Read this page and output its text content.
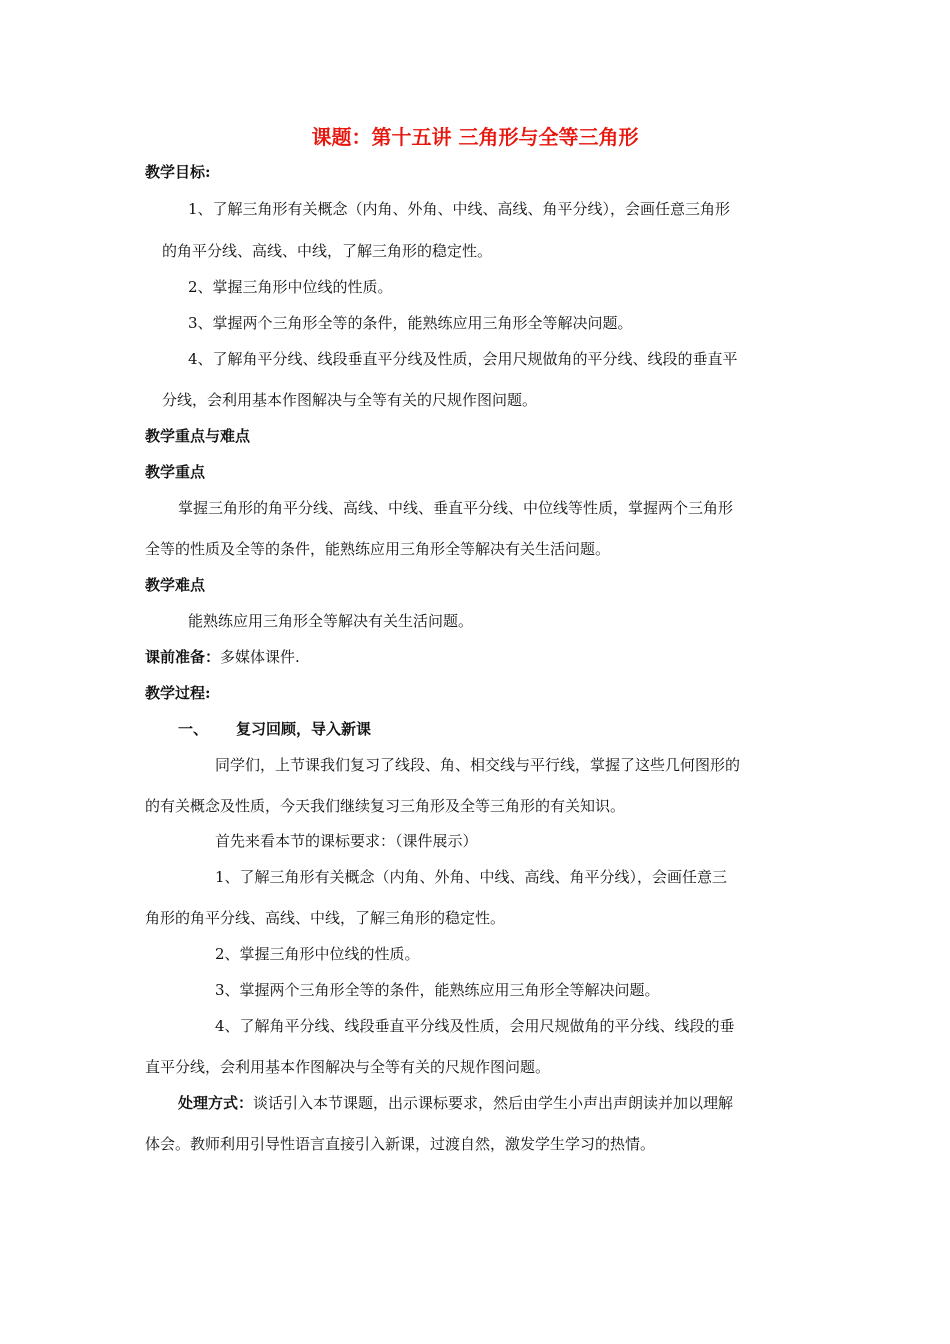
课题：第十五讲 三角形与全等三角形
教学目标:
1、了解三角形有关概念（内角、外角、中线、高线、角平分线），会画任意三角形
的角平分线、高线、中线，了解三角形的稳定性。
2、掌握三角形中位线的性质。
3、掌握两个三角形全等的条件，能熟练应用三角形全等解决问题。
4、了解角平分线、线段垂直平分线及性质，会用尺规做角的平分线、线段的垂直平
分线，会利用基本作图解决与全等有关的尺规作图问题。
教学重点与难点
教学重点
掌握三角形的角平分线、高线、中线、垂直平分线、中位线等性质，掌握两个三角形
全等的性质及全等的条件，能熟练应用三角形全等解决有关生活问题。
教学难点
能熟练应用三角形全等解决有关生活问题。
课前准备：多媒体课件.
教学过程:
一、 复习回顾，导入新课
同学们，上节课我们复习了线段、角、相交线与平行线，掌握了这些几何图形的
的有关概念及性质，今天我们继续复习三角形及全等三角形的有关知识。
首先来看本节的课标要求：（课件展示）
1、了解三角形有关概念（内角、外角、中线、高线、角平分线），会画任意三
角形的角平分线、高线、中线，了解三角形的稳定性。
2、掌握三角形中位线的性质。
3、掌握两个三角形全等的条件，能熟练应用三角形全等解决问题。
4、了解角平分线、线段垂直平分线及性质，会用尺规做角的平分线、线段的垂
直平分线，会利用基本作图解决与全等有关的尺规作图问题。
处理方式：谈话引入本节课题，出示课标要求，然后由学生小声出声朗读并加以理解
体会。教师利用引导性语言直接引入新课，过渡自然，激发学生学习的热情。
